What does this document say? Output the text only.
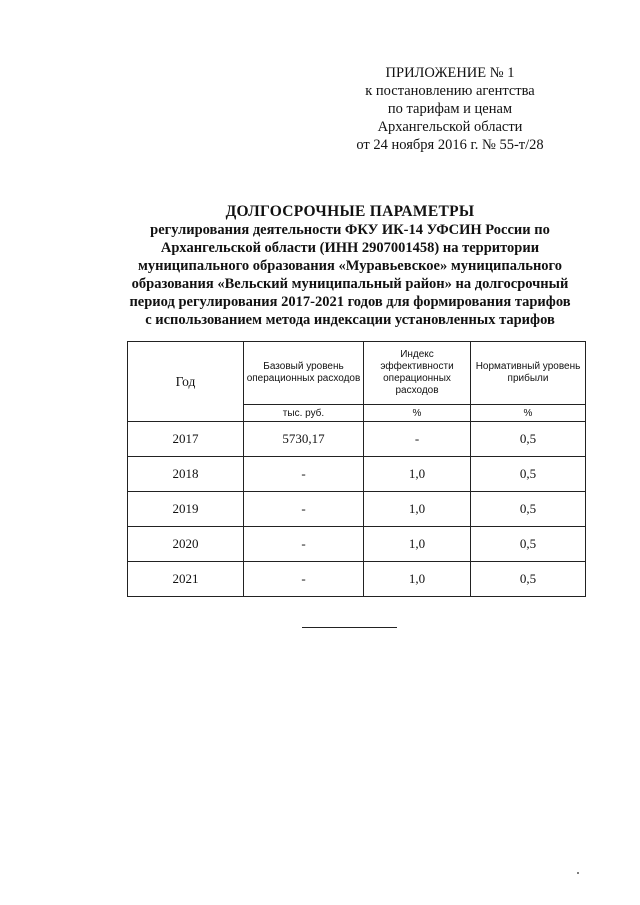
ПРИЛОЖЕНИЕ № 1
к постановлению агентства
по тарифам и ценам
Архангельской области
от 24 ноября 2016 г. № 55-т/28
ДОЛГОСРОЧНЫЕ ПАРАМЕТРЫ
регулирования деятельности ФКУ ИК-14 УФСИН России по
Архангельской области (ИНН 2907001458) на территории
муниципального образования «Муравьевское» муниципального
образования «Вельский муниципальный район» на долгосрочный
период регулирования 2017-2021 годов для формирования тарифов
с использованием метода индексации установленных тарифов
Год	Базовый уровень операционных расходов	Индекс эффективности операционных расходов	Нормативный уровень прибыли
	тыс. руб.	%	%
2017	5730,17	-	0,5
2018	-	1,0	0,5
2019	-	1,0	0,5
2020	-	1,0	0,5
2021	-	1,0	0,5
